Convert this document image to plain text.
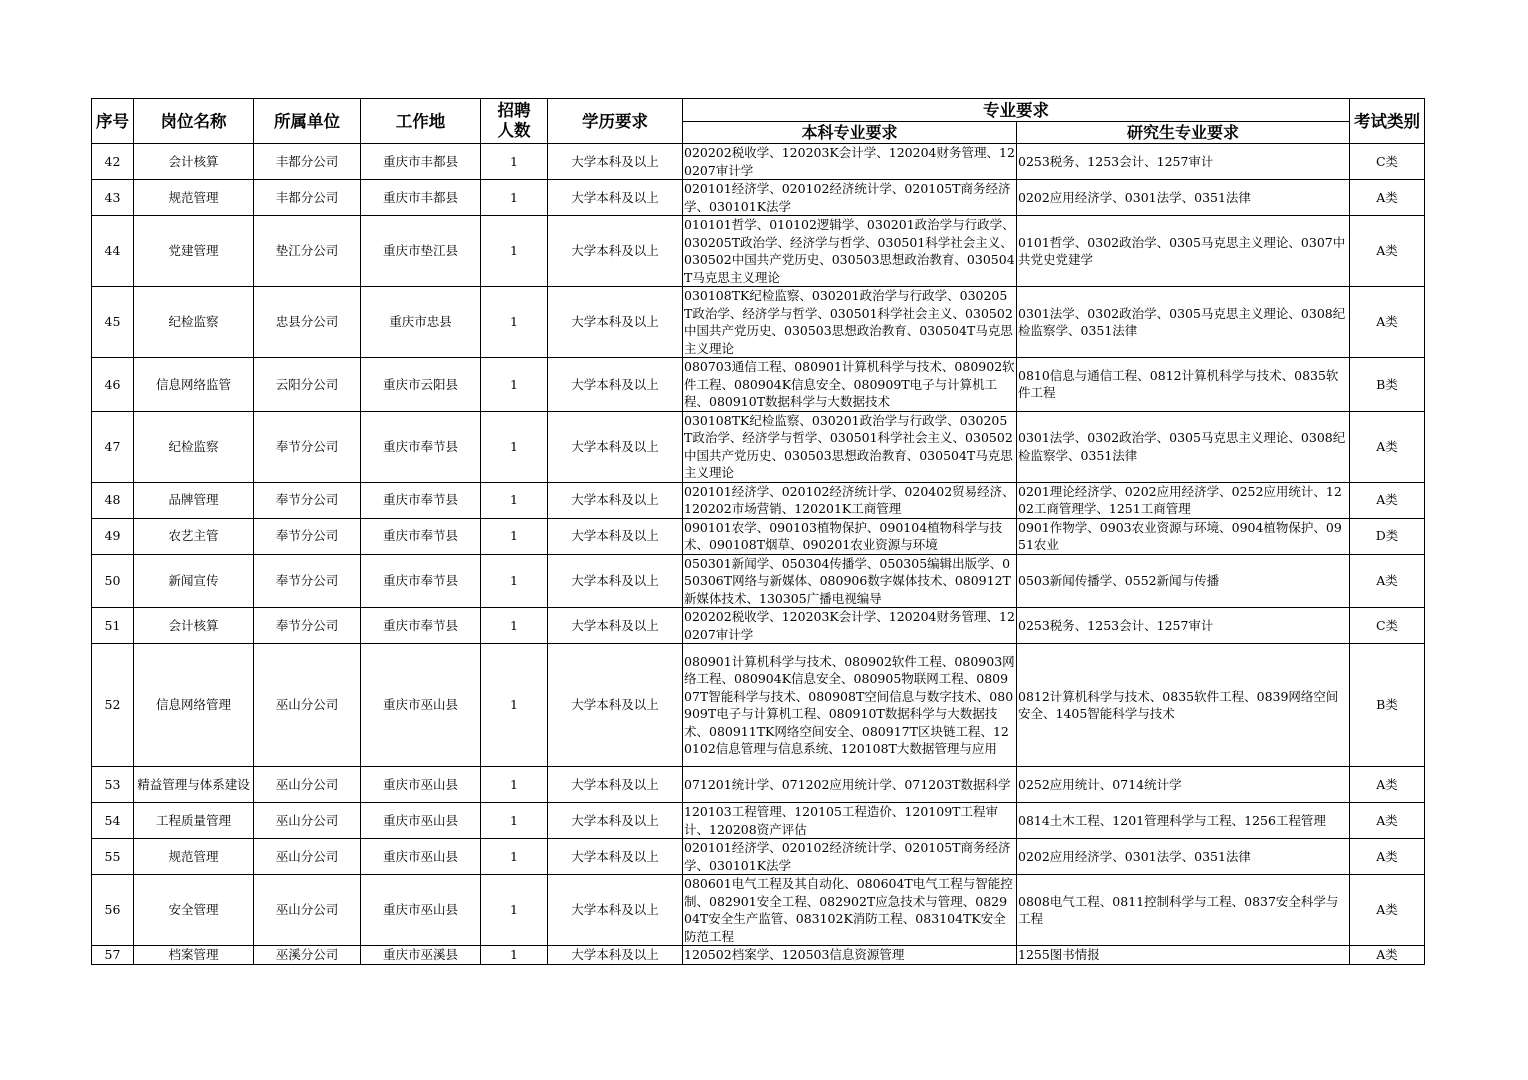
序号	岗位名称	所属单位	工作地	招聘人数	学历要求	专业要求		考试类别
						本科专业要求	研究生专业要求	
42	会计核算	丰都分公司	重庆市丰都县	1	大学本科及以上	020202税收学、120203K会计学、120204财务管理、120207审计学	0253税务、1253会计、1257审计	C类
43	规范管理	丰都分公司	重庆市丰都县	1	大学本科及以上	020101经济学、020102经济统计学、020105T商务经济学、030101K法学	0202应用经济学、0301法学、0351法律	A类
44	党建管理	垫江分公司	重庆市垫江县	1	大学本科及以上	010101哲学、010102逻辑学、030201政治学与行政学、030205T政治学、经济学与哲学、030501科学社会主义、030502中国共产党历史、030503思想政治教育、030504T马克思主义理论	0101哲学、0302政治学、0305马克思主义理论、0307中共党史党建学	A类
45	纪检监察	忠县分公司	重庆市忠县	1	大学本科及以上	030108TK纪检监察、030201政治学与行政学、030205T政治学、经济学与哲学、030501科学社会主义、030502中国共产党历史、030503思想政治教育、030504T马克思主义理论	0301法学、0302政治学、0305马克思主义理论、0308纪检监察学、0351法律	A类
46	信息网络监管	云阳分公司	重庆市云阳县	1	大学本科及以上	080703通信工程、080901计算机科学与技术、080902软件工程、080904K信息安全、080909T电子与计算机工程、080910T数据科学与大数据技术	0810信息与通信工程、0812计算机科学与技术、0835软件工程	B类
47	纪检监察	奉节分公司	重庆市奉节县	1	大学本科及以上	030108TK纪检监察、030201政治学与行政学、030205T政治学、经济学与哲学、030501科学社会主义、030502中国共产党历史、030503思想政治教育、030504T马克思主义理论	0301法学、0302政治学、0305马克思主义理论、0308纪检监察学、0351法律	A类
48	品牌管理	奉节分公司	重庆市奉节县	1	大学本科及以上	020101经济学、020102经济统计学、020402贸易经济、120202市场营销、120201K工商管理	0201理论经济学、0202应用经济学、0252应用统计、1202工商管理学、1251工商管理	A类
49	农艺主管	奉节分公司	重庆市奉节县	1	大学本科及以上	090101农学、090103植物保护、090104植物科学与技术、090108T烟草、090201农业资源与环境	0901作物学、0903农业资源与环境、0904植物保护、0951农业	D类
50	新闻宣传	奉节分公司	重庆市奉节县	1	大学本科及以上	050301新闻学、050304传播学、050305编辑出版学、050306T网络与新媒体、080906数字媒体技术、080912T新媒体技术、130305广播电视编导	0503新闻传播学、0552新闻与传播	A类
51	会计核算	奉节分公司	重庆市奉节县	1	大学本科及以上	020202税收学、120203K会计学、120204财务管理、120207审计学	0253税务、1253会计、1257审计	C类
52	信息网络管理	巫山分公司	重庆市巫山县	1	大学本科及以上	080901计算机科学与技术、080902软件工程、080903网络工程、080904K信息安全、080905物联网工程、080907T智能科学与技术、080908T空间信息与数字技术、080909T电子与计算机工程、080910T数据科学与大数据技术、080911TK网络空间安全、080917T区块链工程、120102信息管理与信息系统、120108T大数据管理与应用	0812计算机科学与技术、0835软件工程、0839网络空间安全、1405智能科学与技术	B类
53	精益管理与体系建设	巫山分公司	重庆市巫山县	1	大学本科及以上	071201统计学、071202应用统计学、071203T数据科学	0252应用统计、0714统计学	A类
54	工程质量管理	巫山分公司	重庆市巫山县	1	大学本科及以上	120103工程管理、120105工程造价、120109T工程审计、120208资产评估	0814土木工程、1201管理科学与工程、1256工程管理	A类
55	规范管理	巫山分公司	重庆市巫山县	1	大学本科及以上	020101经济学、020102经济统计学、020105T商务经济学、030101K法学	0202应用经济学、0301法学、0351法律	A类
56	安全管理	巫山分公司	重庆市巫山县	1	大学本科及以上	080601电气工程及其自动化、080604T电气工程与智能控制、082901安全工程、082902T应急技术与管理、082904T安全生产监管、083102K消防工程、083104TK安全防范工程	0808电气工程、0811控制科学与工程、0837安全科学与工程	A类
57	档案管理	巫溪分公司	重庆市巫溪县	1	大学本科及以上	120502档案学、120503信息资源管理	1255图书情报	A类
